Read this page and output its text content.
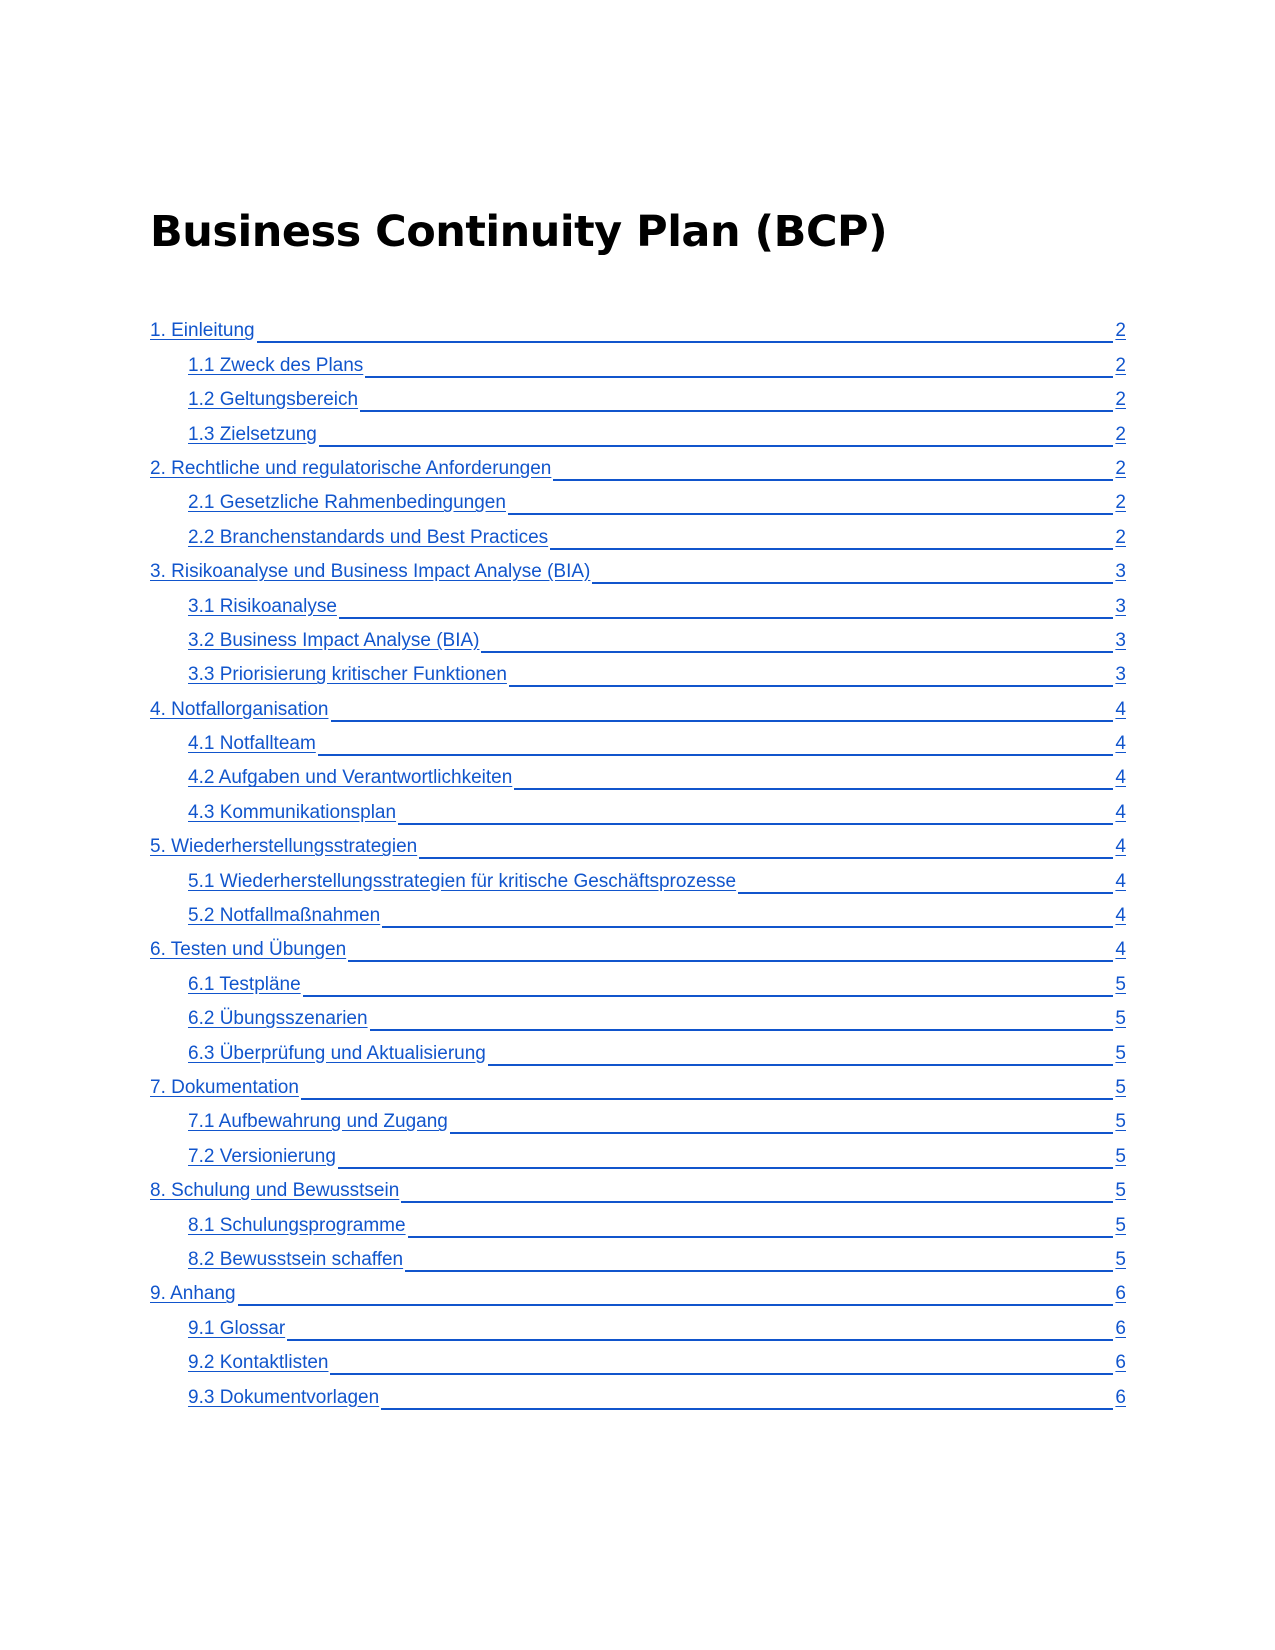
Business Continuity Plan (BCP)
1. Einleitung	2
1.1 Zweck des Plans	2
1.2 Geltungsbereich	2
1.3 Zielsetzung	2
2. Rechtliche und regulatorische Anforderungen	2
2.1 Gesetzliche Rahmenbedingungen	2
2.2 Branchenstandards und Best Practices	2
3. Risikoanalyse und Business Impact Analyse (BIA)	3
3.1 Risikoanalyse	3
3.2 Business Impact Analyse (BIA)	3
3.3 Priorisierung kritischer Funktionen	3
4. Notfallorganisation	4
4.1 Notfallteam	4
4.2 Aufgaben und Verantwortlichkeiten	4
4.3 Kommunikationsplan	4
5. Wiederherstellungsstrategien	4
5.1 Wiederherstellungsstrategien für kritische Geschäftsprozesse	4
5.2 Notfallmaßnahmen	4
6. Testen und Übungen	4
6.1 Testpläne	5
6.2 Übungsszenarien	5
6.3 Überprüfung und Aktualisierung	5
7. Dokumentation	5
7.1 Aufbewahrung und Zugang	5
7.2 Versionierung	5
8. Schulung und Bewusstsein	5
8.1 Schulungsprogramme	5
8.2 Bewusstsein schaffen	5
9. Anhang	6
9.1 Glossar	6
9.2 Kontaktlisten	6
9.3 Dokumentvorlagen	6
